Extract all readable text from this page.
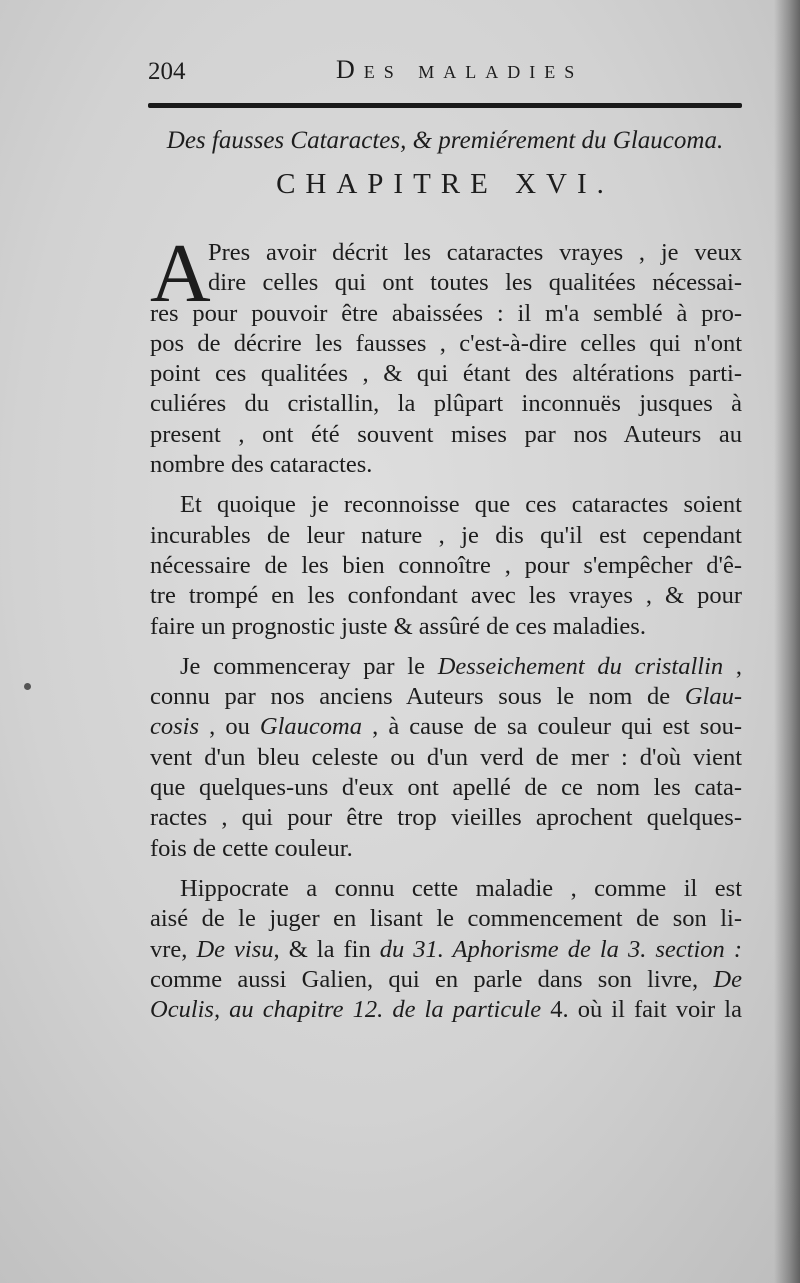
204	Des maladies
Des fausses Cataractes, & premiérement du Glaucoma.
CHAPITRE XVI.
A
Pres avoir décrit les cataractes vrayes , je veux
dire celles qui ont toutes les qualitées nécessai-
res pour pouvoir être abaissées : il m'a semblé à pro-
pos de décrire les fausses , c'est-à-dire celles qui n'ont
point ces qualitées , & qui étant des altérations parti-
culiéres du cristallin, la plûpart inconnuës jusques à
present , ont été souvent mises par nos Auteurs au
nombre des cataractes.
Et quoique je reconnoisse que ces cataractes soient
incurables de leur nature , je dis qu'il est cependant
nécessaire de les bien connoître , pour s'empêcher d'ê-
tre trompé en les confondant avec les vrayes , & pour
faire un prognostic juste & assûré de ces maladies.
Je commenceray par le Desseichement du cristallin ,
connu par nos anciens Auteurs sous le nom de Glau-
cosis , ou Glaucoma , à cause de sa couleur qui est sou-
vent d'un bleu celeste ou d'un verd de mer : d'où vient
que quelques-uns d'eux ont apellé de ce nom les cata-
ractes , qui pour être trop vieilles aprochent quelques-
fois de cette couleur.
Hippocrate a connu cette maladie , comme il est
aisé de le juger en lisant le commencement de son li-
vre, De visu, & la fin du 31. Aphorisme de la 3. section :
comme aussi Galien, qui en parle dans son livre, De
Oculis, au chapitre 12. de la particule 4. où il fait voir la
